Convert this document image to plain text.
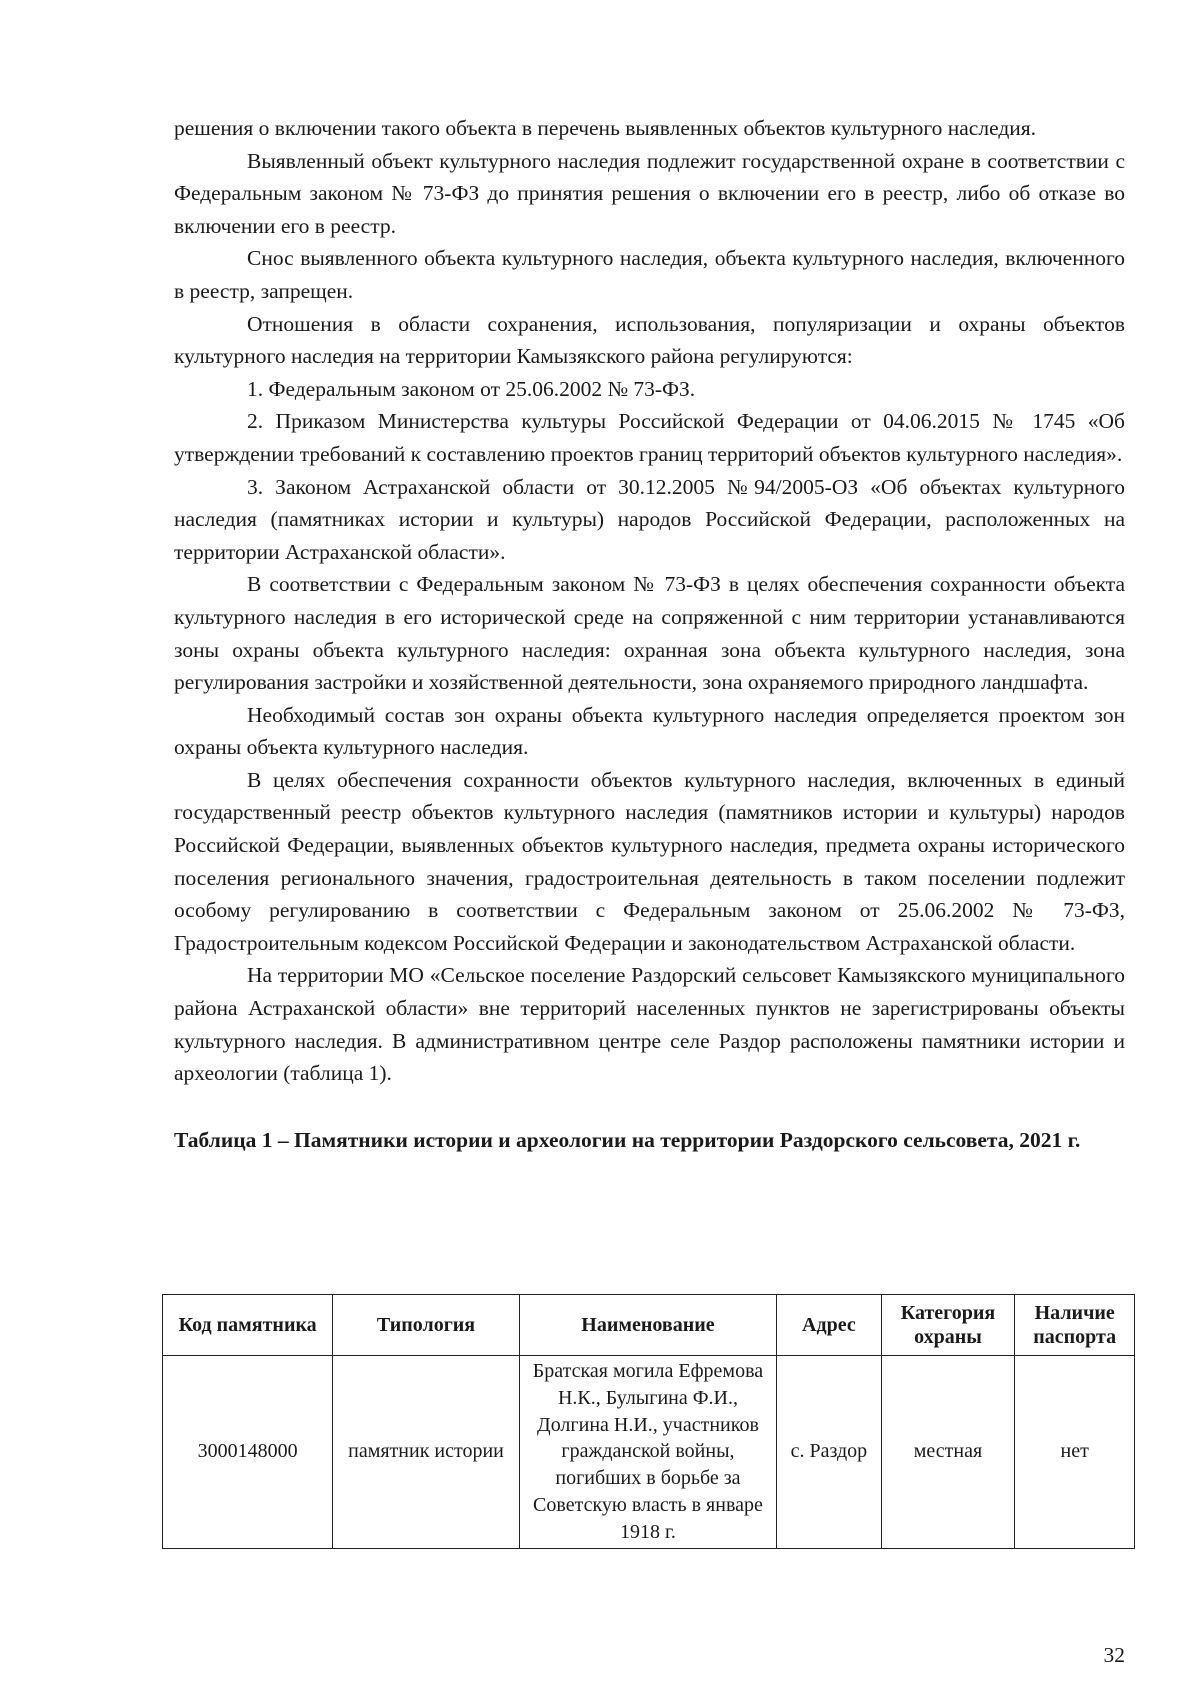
решения о включении такого объекта в перечень выявленных объектов культурного наследия.

Выявленный объект культурного наследия подлежит государственной охране в соответствии с Федеральным законом № 73-ФЗ до принятия решения о включении его в реестр, либо об отказе во включении его в реестр.

Снос выявленного объекта культурного наследия, объекта культурного наследия, включенного в реестр, запрещен.

Отношения в области сохранения, использования, популяризации и охраны объектов культурного наследия на территории Камызякского района регулируются:

1. Федеральным законом от 25.06.2002 № 73-ФЗ.

2. Приказом Министерства культуры Российской Федерации от 04.06.2015 № 1745 «Об утверждении требований к составлению проектов границ территорий объектов культурного наследия».

3. Законом Астраханской области от 30.12.2005 №94/2005-ОЗ «Об объектах культурного наследия (памятниках истории и культуры) народов Российской Федерации, расположенных на территории Астраханской области».

В соответствии с Федеральным законом № 73-ФЗ в целях обеспечения сохранности объекта культурного наследия в его исторической среде на сопряженной с ним территории устанавливаются зоны охраны объекта культурного наследия: охранная зона объекта культурного наследия, зона регулирования застройки и хозяйственной деятельности, зона охраняемого природного ландшафта.

Необходимый состав зон охраны объекта культурного наследия определяется проектом зон охраны объекта культурного наследия.

В целях обеспечения сохранности объектов культурного наследия, включенных в единый государственный реестр объектов культурного наследия (памятников истории и культуры) народов Российской Федерации, выявленных объектов культурного наследия, предмета охраны исторического поселения регионального значения, градостроительная деятельность в таком поселении подлежит особому регулированию в соответствии с Федеральным законом от 25.06.2002 № 73-ФЗ, Градостроительным кодексом Российской Федерации и законодательством Астраханской области.

На территории МО «Сельское поселение Раздорский сельсовет Камызякского муниципального района Астраханской области» вне территорий населенных пунктов не зарегистрированы объекты культурного наследия. В административном центре селе Раздор расположены памятники истории и археологии (таблица 1).

Таблица 1 – Памятники истории и археологии на территории Раздорского сельсовета, 2021 г.
Код памятника	Типология	Наименование	Адрес	Категория охраны	Наличие паспорта
3000148000	памятник истории	Братская могила Ефремова Н.К., Булыгина Ф.И., Долгина Н.И., участников гражданской войны, погибших в борьбе за Советскую власть в январе 1918 г.	с. Раздор	местная	нет
32
